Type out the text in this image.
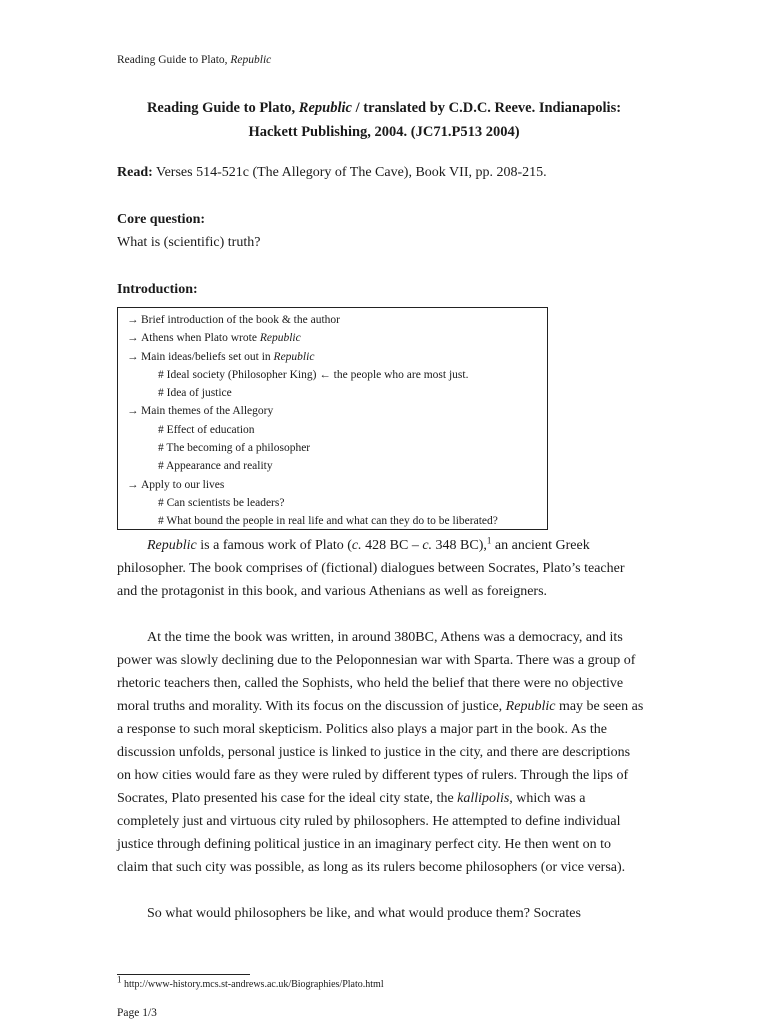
Reading Guide to Plato, Republic
Reading Guide to Plato, Republic / translated by C.D.C. Reeve. Indianapolis:
Hackett Publishing, 2004. (JC71.P513 2004)
Read: Verses 514-521c (The Allegory of The Cave), Book VII, pp. 208-215.
Core question:
What is (scientific) truth?
Introduction:
→ Brief introduction of the book & the author
→ Athens when Plato wrote Republic
→ Main ideas/beliefs set out in Republic
# Ideal society (Philosopher King) ← the people who are most just.
# Idea of justice
→ Main themes of the Allegory
# Effect of education
# The becoming of a philosopher
# Appearance and reality
→ Apply to our lives
# Can scientists be leaders?
# What bound the people in real life and what can they do to be liberated?

Republic is a famous work of Plato (c. 428 BC – c. 348 BC),$^1$ an ancient Greek philosopher. The book comprises of (fictional) dialogues between Socrates, Plato’s teacher and the protagonist in this book, and various Athenians as well as foreigners.

At the time the book was written, in around 380BC, Athens was a democracy, and its power was slowly declining due to the Peloponnesian war with Sparta. There was a group of rhetoric teachers then, called the Sophists, who held the belief that there were no objective moral truths and morality. With its focus on the discussion of justice, Republic may be seen as a response to such moral skepticism. Politics also plays a major part in the book. As the discussion unfolds, personal justice is linked to justice in the city, and there are descriptions on how cities would fare as they were ruled by different types of rulers. Through the lips of Socrates, Plato presented his case for the ideal city state, the kallipolis, which was a completely just and virtuous city ruled by philosophers. He attempted to define individual justice through defining political justice in an imaginary perfect city. He then went on to claim that such city was possible, as long as its rulers become philosophers (or vice versa).

So what would philosophers be like, and what would produce them? Socrates

$^1$ http://www-history.mcs.st-andrews.ac.uk/Biographies/Plato.html
Page 1/3
